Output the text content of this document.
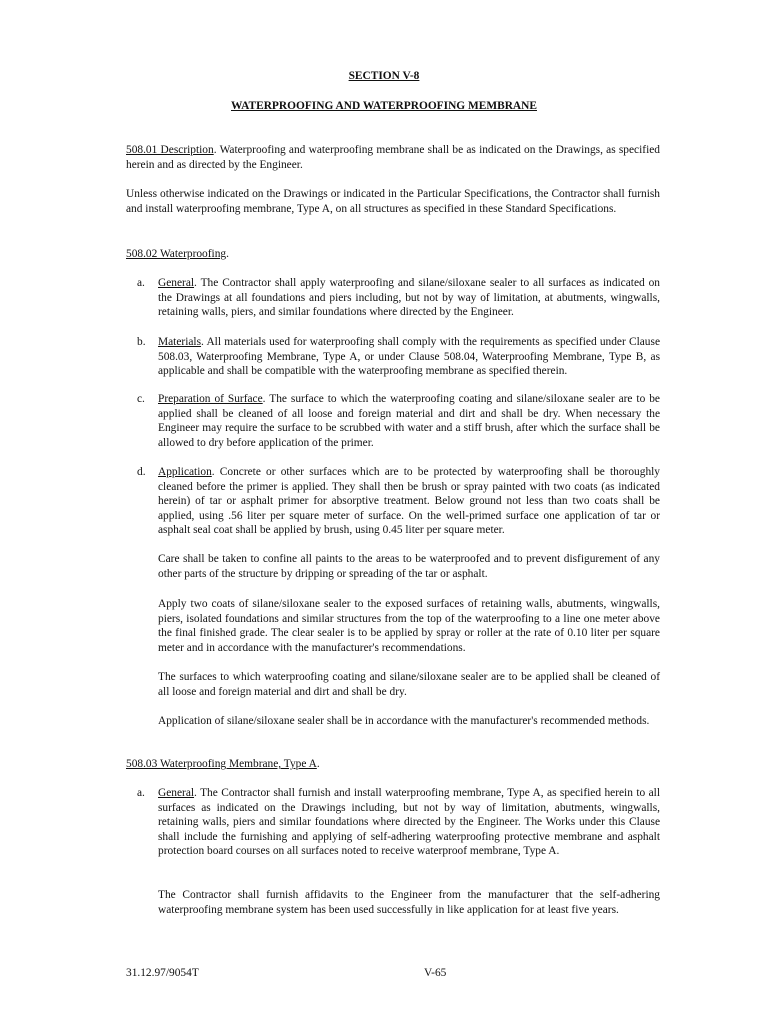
SECTION V-8
WATERPROOFING AND WATERPROOFING MEMBRANE
508.01 Description. Waterproofing and waterproofing membrane shall be as indicated on the Drawings, as specified herein and as directed by the Engineer.
Unless otherwise indicated on the Drawings or indicated in the Particular Specifications, the Contractor shall furnish and install waterproofing membrane, Type A, on all structures as specified in these Standard Specifications.
508.02 Waterproofing.
a. General. The Contractor shall apply waterproofing and silane/siloxane sealer to all surfaces as indicated on the Drawings at all foundations and piers including, but not by way of limitation, at abutments, wingwalls, retaining walls, piers, and similar foundations where directed by the Engineer.
b. Materials. All materials used for waterproofing shall comply with the requirements as specified under Clause 508.03, Waterproofing Membrane, Type A, or under Clause 508.04, Waterproofing Membrane, Type B, as applicable and shall be compatible with the waterproofing membrane as specified therein.
c. Preparation of Surface. The surface to which the waterproofing coating and silane/siloxane sealer are to be applied shall be cleaned of all loose and foreign material and dirt and shall be dry. When necessary the Engineer may require the surface to be scrubbed with water and a stiff brush, after which the surface shall be allowed to dry before application of the primer.
d. Application. Concrete or other surfaces which are to be protected by waterproofing shall be thoroughly cleaned before the primer is applied. They shall then be brush or spray painted with two coats (as indicated herein) of tar or asphalt primer for absorptive treatment. Below ground not less than two coats shall be applied, using .56 liter per square meter of surface. On the well-primed surface one application of tar or asphalt seal coat shall be applied by brush, using 0.45 liter per square meter.
Care shall be taken to confine all paints to the areas to be waterproofed and to prevent disfigurement of any other parts of the structure by dripping or spreading of the tar or asphalt.
Apply two coats of silane/siloxane sealer to the exposed surfaces of retaining walls, abutments, wingwalls, piers, isolated foundations and similar structures from the top of the waterproofing to a line one meter above the final finished grade. The clear sealer is to be applied by spray or roller at the rate of 0.10 liter per square meter and in accordance with the manufacturer's recommendations.
The surfaces to which waterproofing coating and silane/siloxane sealer are to be applied shall be cleaned of all loose and foreign material and dirt and shall be dry.
Application of silane/siloxane sealer shall be in accordance with the manufacturer's recommended methods.
508.03 Waterproofing Membrane, Type A.
a. General. The Contractor shall furnish and install waterproofing membrane, Type A, as specified herein to all surfaces as indicated on the Drawings including, but not by way of limitation, abutments, wingwalls, retaining walls, piers and similar foundations where directed by the Engineer. The Works under this Clause shall include the furnishing and applying of self-adhering waterproofing protective membrane and asphalt protection board courses on all surfaces noted to receive waterproof membrane, Type A.
The Contractor shall furnish affidavits to the Engineer from the manufacturer that the self-adhering waterproofing membrane system has been used successfully in like application for at least five years.
31.12.97/9054T	V-65
